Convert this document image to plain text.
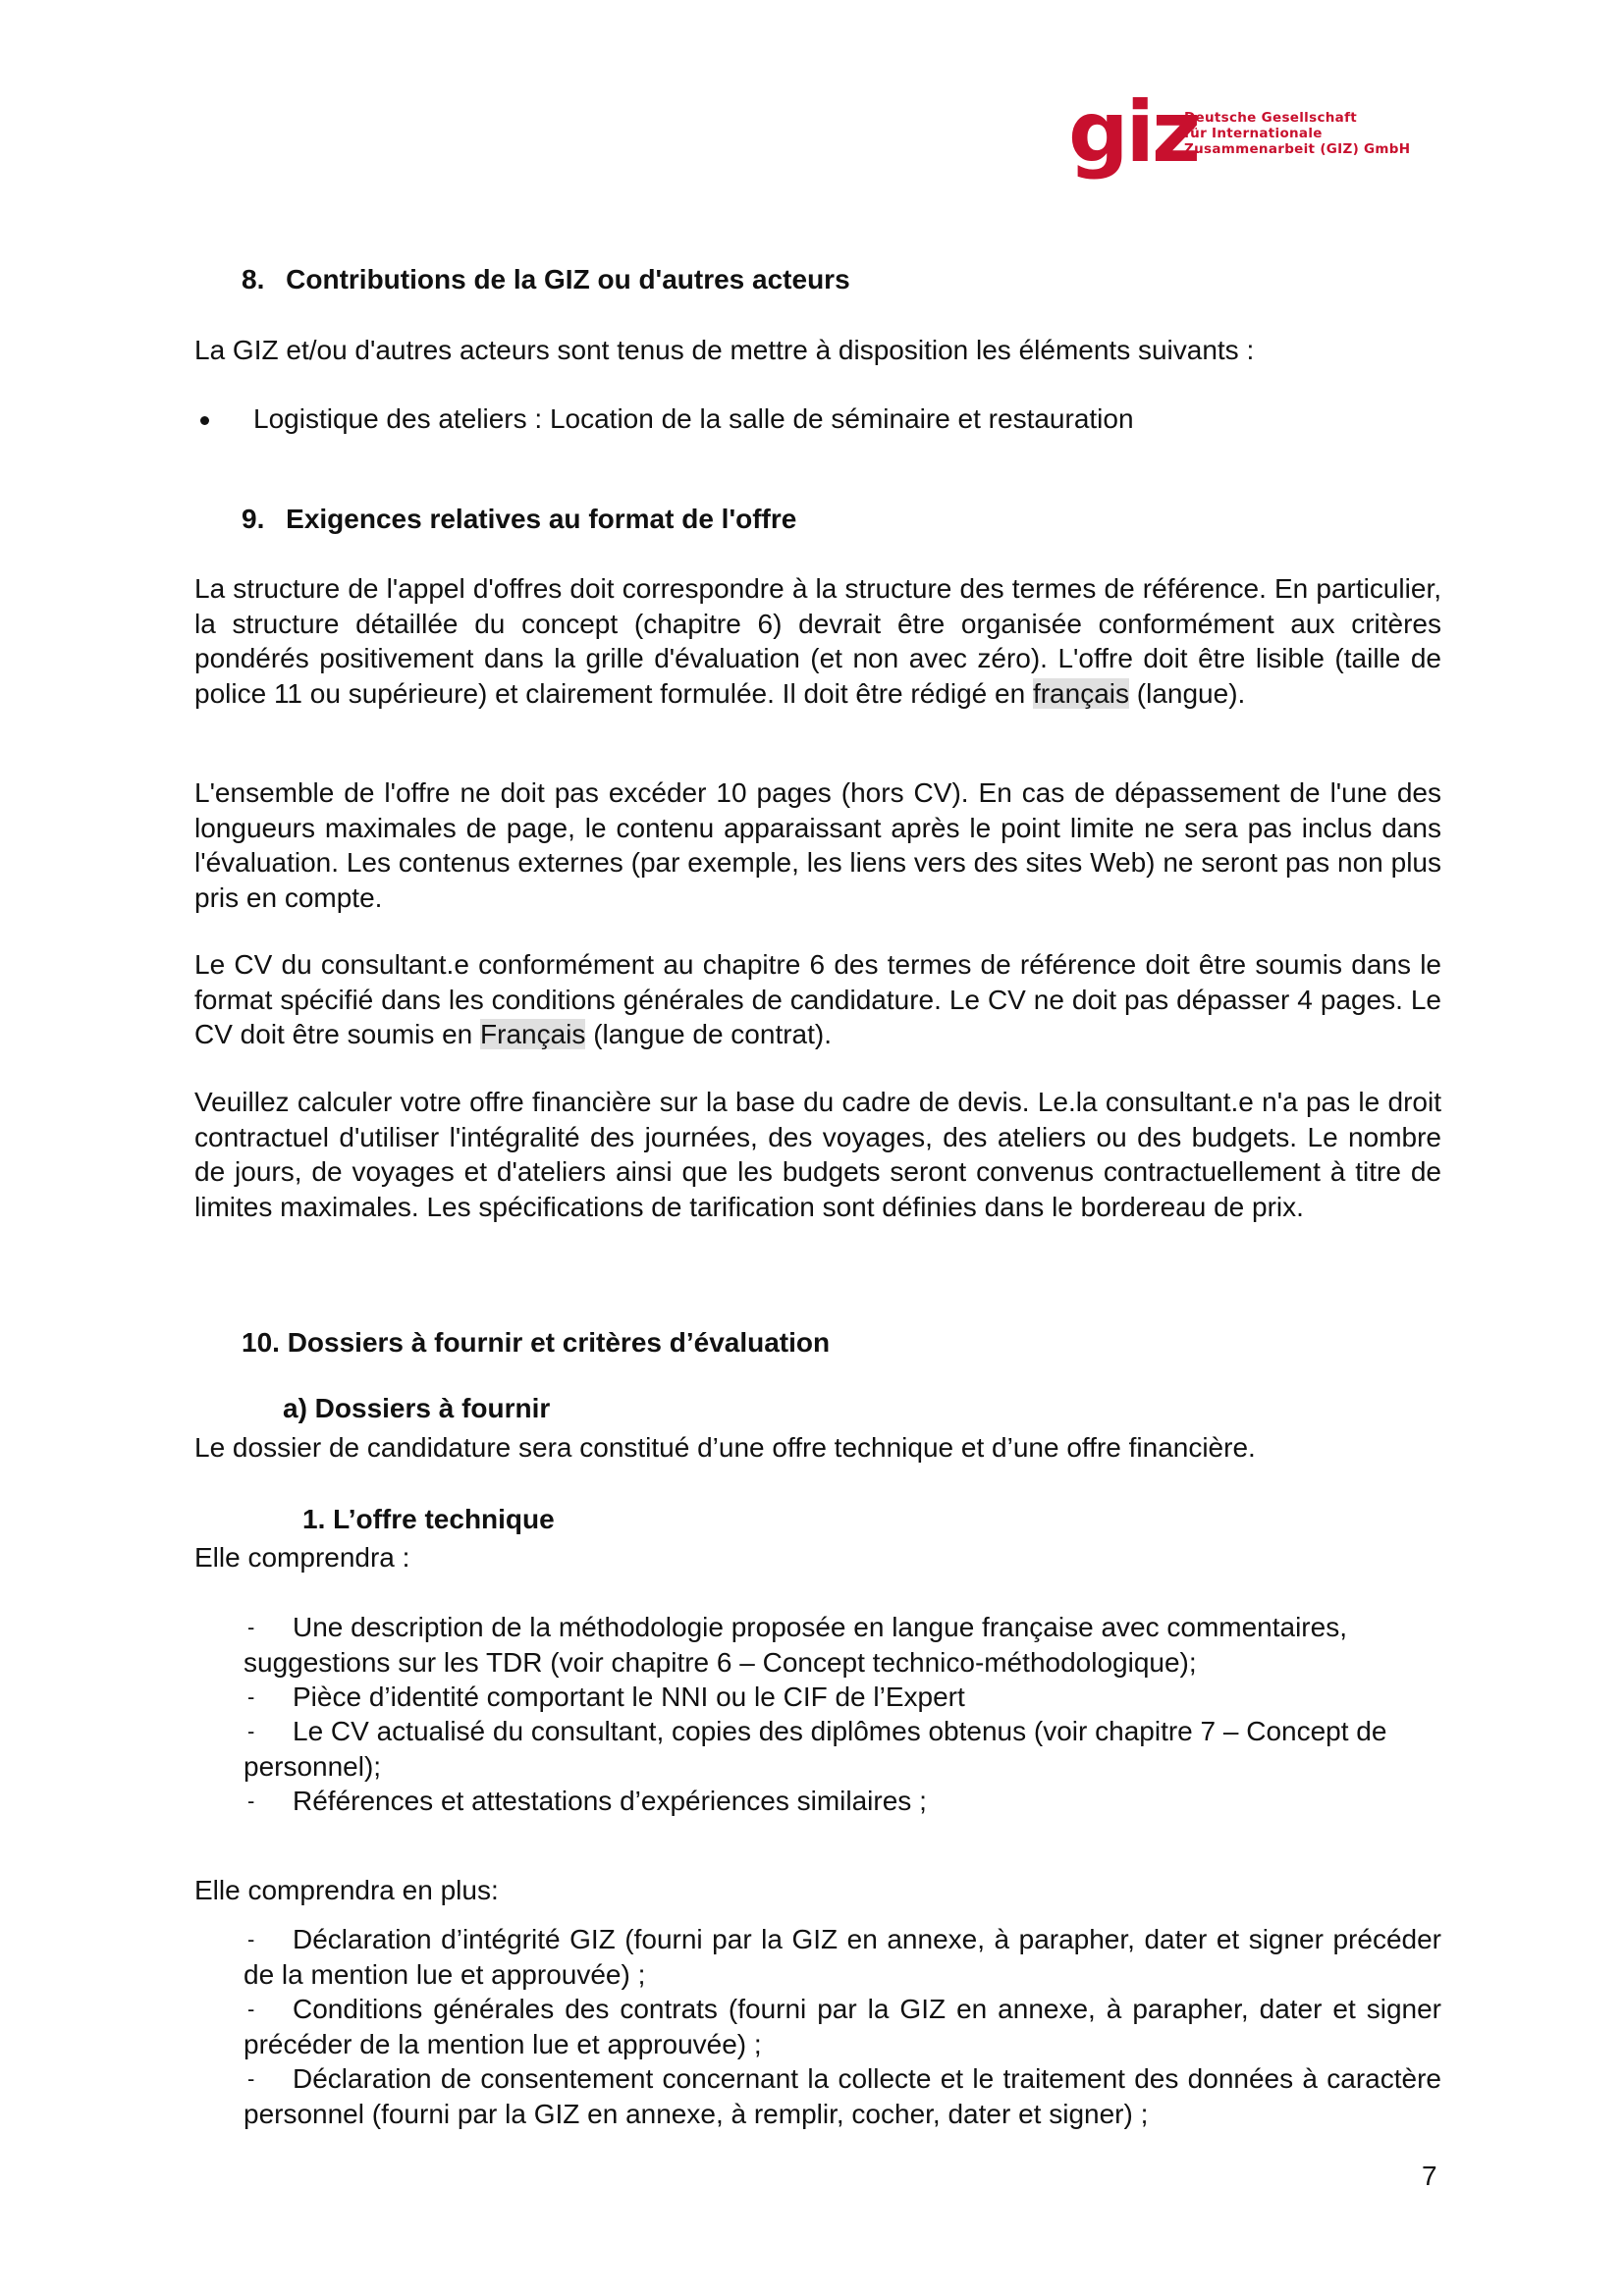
giz
Deutsche Gesellschaft
für Internationale
Zusammenarbeit (GIZ) GmbH
8. Contributions de la GIZ ou d'autres acteurs
La GIZ et/ou d'autres acteurs sont tenus de mettre à disposition les éléments suivants :
Logistique des ateliers : Location de la salle de séminaire et restauration
9. Exigences relatives au format de l'offre
La structure de l'appel d'offres doit correspondre à la structure des termes de référence. En particulier, la structure détaillée du concept (chapitre 6) devrait être organisée conformément aux critères pondérés positivement dans la grille d'évaluation (et non avec zéro). L'offre doit être lisible (taille de police 11 ou supérieure) et clairement formulée. Il doit être rédigé en français (langue).
L'ensemble de l'offre ne doit pas excéder 10 pages (hors CV). En cas de dépassement de l'une des longueurs maximales de page, le contenu apparaissant après le point limite ne sera pas inclus dans l'évaluation. Les contenus externes (par exemple, les liens vers des sites Web) ne seront pas non plus pris en compte.
Le CV du consultant.e conformément au chapitre 6 des termes de référence doit être soumis dans le format spécifié dans les conditions générales de candidature. Le CV ne doit pas dépasser 4 pages. Le CV doit être soumis en Français (langue de contrat).
Veuillez calculer votre offre financière sur la base du cadre de devis. Le.la consultant.e n'a pas le droit contractuel d'utiliser l'intégralité des journées, des voyages, des ateliers ou des budgets. Le nombre de jours, de voyages et d'ateliers ainsi que les budgets seront convenus contractuellement à titre de limites maximales. Les spécifications de tarification sont définies dans le bordereau de prix.
10. Dossiers à fournir et critères d’évaluation
a) Dossiers à fournir
Le dossier de candidature sera constitué d’une offre technique et d’une offre financière.
1. L’offre technique
Elle comprendra :
-	Une description de la méthodologie proposée en langue française avec commentaires, suggestions sur les TDR (voir chapitre 6 – Concept technico-méthodologique);
- Pièce d’identité comportant le NNI ou le CIF de l’Expert
-	Le CV actualisé du consultant, copies des diplômes obtenus (voir chapitre 7 – Concept de personnel);
- Références et attestations d’expériences similaires ;
Elle comprendra en plus:
-	Déclaration d’intégrité GIZ (fourni par la GIZ en annexe, à parapher, dater et signer précéder de la mention lue et approuvée) ;
-	Conditions générales des contrats (fourni par la GIZ en annexe, à parapher, dater et signer précéder de la mention lue et approuvée) ;
-	Déclaration de consentement concernant la collecte et le traitement des données à caractère personnel (fourni par la GIZ en annexe, à remplir, cocher, dater et signer) ;
7
